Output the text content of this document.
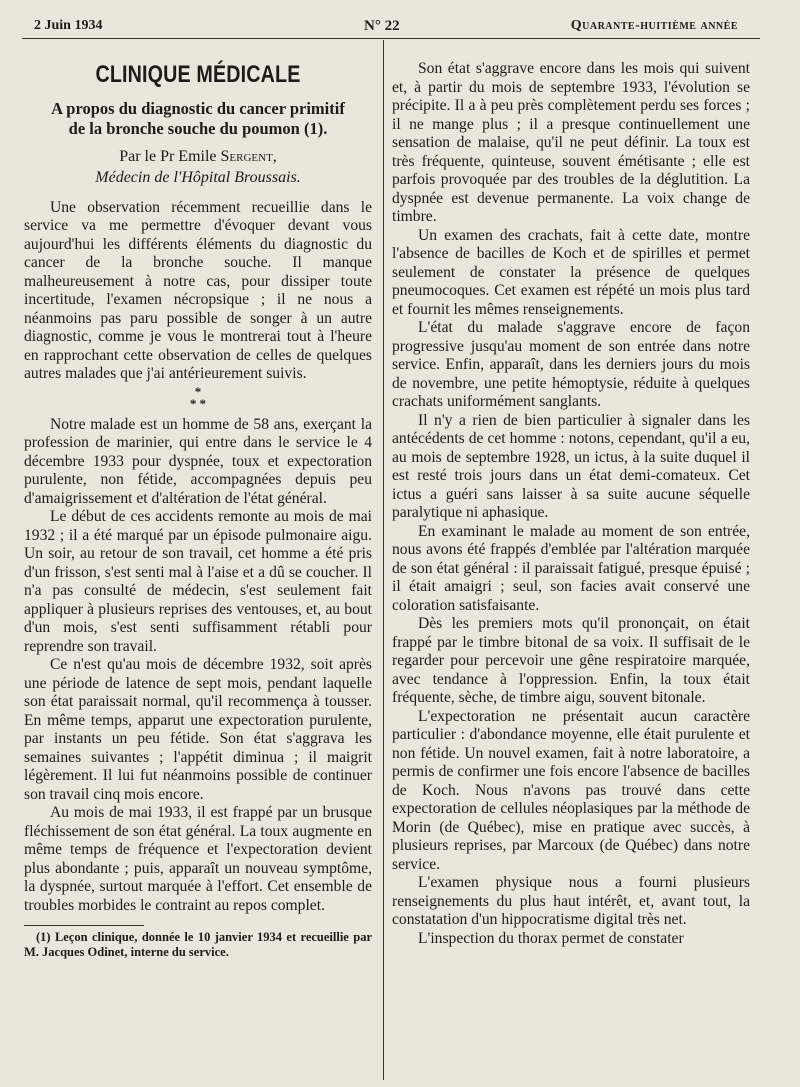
2 Juin 1934	N° 22	Quarante-huitième année
CLINIQUE MÉDICALE
A propos du diagnostic du cancer primitif
de la bronche souche du poumon (1).
Par le Pr Emile Sergent,
Médecin de l'Hôpital Broussais.

Une observation récemment recueillie dans le service va me permettre d'évoquer devant vous aujourd'hui les différents éléments du diagnostic du cancer de la bronche souche. Il manque malheureusement à notre cas, pour dissiper toute incertitude, l'examen nécropsique ; il ne nous a néanmoins pas paru possible de songer à un autre diagnostic, comme je vous le montrerai tout à l'heure en rapprochant cette observation de celles de quelques autres malades que j'ai antérieurement suivis.

*
* *

Notre malade est un homme de 58 ans, exerçant la profession de marinier, qui entre dans le service le 4 décembre 1933 pour dyspnée, toux et expectoration purulente, non fétide, accompagnées depuis peu d'amaigrissement et d'altération de l'état général.

Le début de ces accidents remonte au mois de mai 1932 ; il a été marqué par un épisode pulmonaire aigu. Un soir, au retour de son travail, cet homme a été pris d'un frisson, s'est senti mal à l'aise et a dû se coucher. Il n'a pas consulté de médecin, s'est seulement fait appliquer à plusieurs reprises des ventouses, et, au bout d'un mois, s'est senti suffisamment rétabli pour reprendre son travail.

Ce n'est qu'au mois de décembre 1932, soit après une période de latence de sept mois, pendant laquelle son état paraissait normal, qu'il recommença à tousser. En même temps, apparut une expectoration purulente, par instants un peu fétide. Son état s'aggrava les semaines suivantes ; l'appétit diminua ; il maigrit légèrement. Il lui fut néanmoins possible de continuer son travail cinq mois encore.

Au mois de mai 1933, il est frappé par un brusque fléchissement de son état général. La toux augmente en même temps de fréquence et l'expectoration devient plus abondante ; puis, apparaît un nouveau symptôme, la dyspnée, surtout marquée à l'effort. Cet ensemble de troubles morbides le contraint au repos complet.

(1) Leçon clinique, donnée le 10 janvier 1934 et recueillie par M. Jacques Odinet, interne du service.

Son état s'aggrave encore dans les mois qui suivent et, à partir du mois de septembre 1933, l'évolution se précipite. Il a à peu près complètement perdu ses forces ; il ne mange plus ; il a presque continuellement une sensation de malaise, qu'il ne peut définir. La toux est très fréquente, quinteuse, souvent émétisante ; elle est parfois provoquée par des troubles de la déglutition. La dyspnée est devenue permanente. La voix change de timbre.

Un examen des crachats, fait à cette date, montre l'absence de bacilles de Koch et de spirilles et permet seulement de constater la présence de quelques pneumocoques. Cet examen est répété un mois plus tard et fournit les mêmes renseignements.

L'état du malade s'aggrave encore de façon progressive jusqu'au moment de son entrée dans notre service. Enfin, apparaît, dans les derniers jours du mois de novembre, une petite hémoptysie, réduite à quelques crachats uniformément sanglants.

Il n'y a rien de bien particulier à signaler dans les antécédents de cet homme : notons, cependant, qu'il a eu, au mois de septembre 1928, un ictus, à la suite duquel il est resté trois jours dans un état demi-comateux. Cet ictus a guéri sans laisser à sa suite aucune séquelle paralytique ni aphasique.

En examinant le malade au moment de son entrée, nous avons été frappés d'emblée par l'altération marquée de son état général : il paraissait fatigué, presque épuisé ; il était amaigri ; seul, son facies avait conservé une coloration satisfaisante.

Dès les premiers mots qu'il prononçait, on était frappé par le timbre bitonal de sa voix. Il suffisait de le regarder pour percevoir une gêne respiratoire marquée, avec tendance à l'oppression. Enfin, la toux était fréquente, sèche, de timbre aigu, souvent bitonale.

L'expectoration ne présentait aucun caractère particulier : d'abondance moyenne, elle était purulente et non fétide. Un nouvel examen, fait à notre laboratoire, a permis de confirmer une fois encore l'absence de bacilles de Koch. Nous n'avons pas trouvé dans cette expectoration de cellules néoplasiques par la méthode de Morin (de Québec), mise en pratique avec succès, à plusieurs reprises, par Marcoux (de Québec) dans notre service.

L'examen physique nous a fourni plusieurs renseignements du plus haut intérêt, et, avant tout, la constatation d'un hippocratisme digital très net.

L'inspection du thorax permet de constater
